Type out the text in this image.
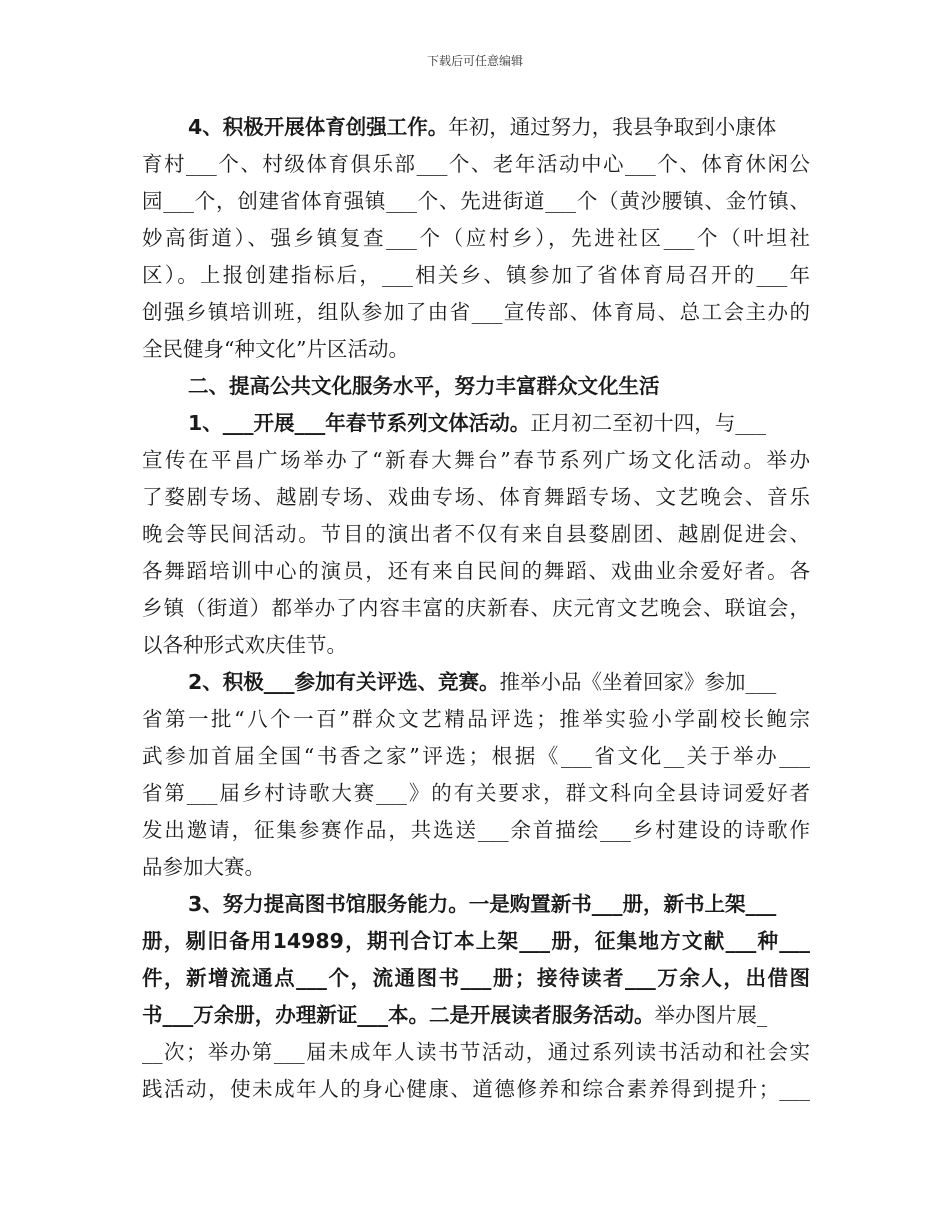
下载后可任意编辑
4、积极开展体育创强工作。年初，通过努力，我县争取到小康体
育村___个、村级体育俱乐部___个、老年活动中心___个、体育休闲公
园___个，创建省体育强镇___个、先进街道___个（黄沙腰镇、金竹镇、
妙高街道）、强乡镇复查___个（应村乡），先进社区___个（叶坦社
区）。上报创建指标后，___相关乡、镇参加了省体育局召开的___年
创强乡镇培训班，组队参加了由省___宣传部、体育局、总工会主办的
全民健身“种文化”片区活动。
二、提高公共文化服务水平，努力丰富群众文化生活
1、___开展___年春节系列文体活动。正月初二至初十四，与___
宣传在平昌广场举办了“新春大舞台”春节系列广场文化活动。举办
了婺剧专场、越剧专场、戏曲专场、体育舞蹈专场、文艺晚会、音乐
晚会等民间活动。节目的演出者不仅有来自县婺剧团、越剧促进会、
各舞蹈培训中心的演员，还有来自民间的舞蹈、戏曲业余爱好者。各
乡镇（街道）都举办了内容丰富的庆新春、庆元宵文艺晚会、联谊会，
以各种形式欢庆佳节。
2、积极___参加有关评选、竞赛。推举小品《坐着回家》参加___
省第一批“八个一百”群众文艺精品评选；推举实验小学副校长鲍宗
武参加首届全国“书香之家”评选；根据《___省文化__关于举办___
省第___届乡村诗歌大赛___》的有关要求，群文科向全县诗词爱好者
发出邀请，征集参赛作品，共选送___余首描绘___乡村建设的诗歌作
品参加大赛。
3、努力提高图书馆服务能力。一是购置新书___册，新书上架___
册，剔旧备用14989，期刊合订本上架___册，征集地方文献___种___
件，新增流通点___个，流通图书___册；接待读者___万余人，出借图
书___万余册，办理新证___本。二是开展读者服务活动。举办图片展_
__次；举办第___届未成年人读书节活动，通过系列读书活动和社会实
践活动，使未成年人的身心健康、道德修养和综合素养得到提升；___
